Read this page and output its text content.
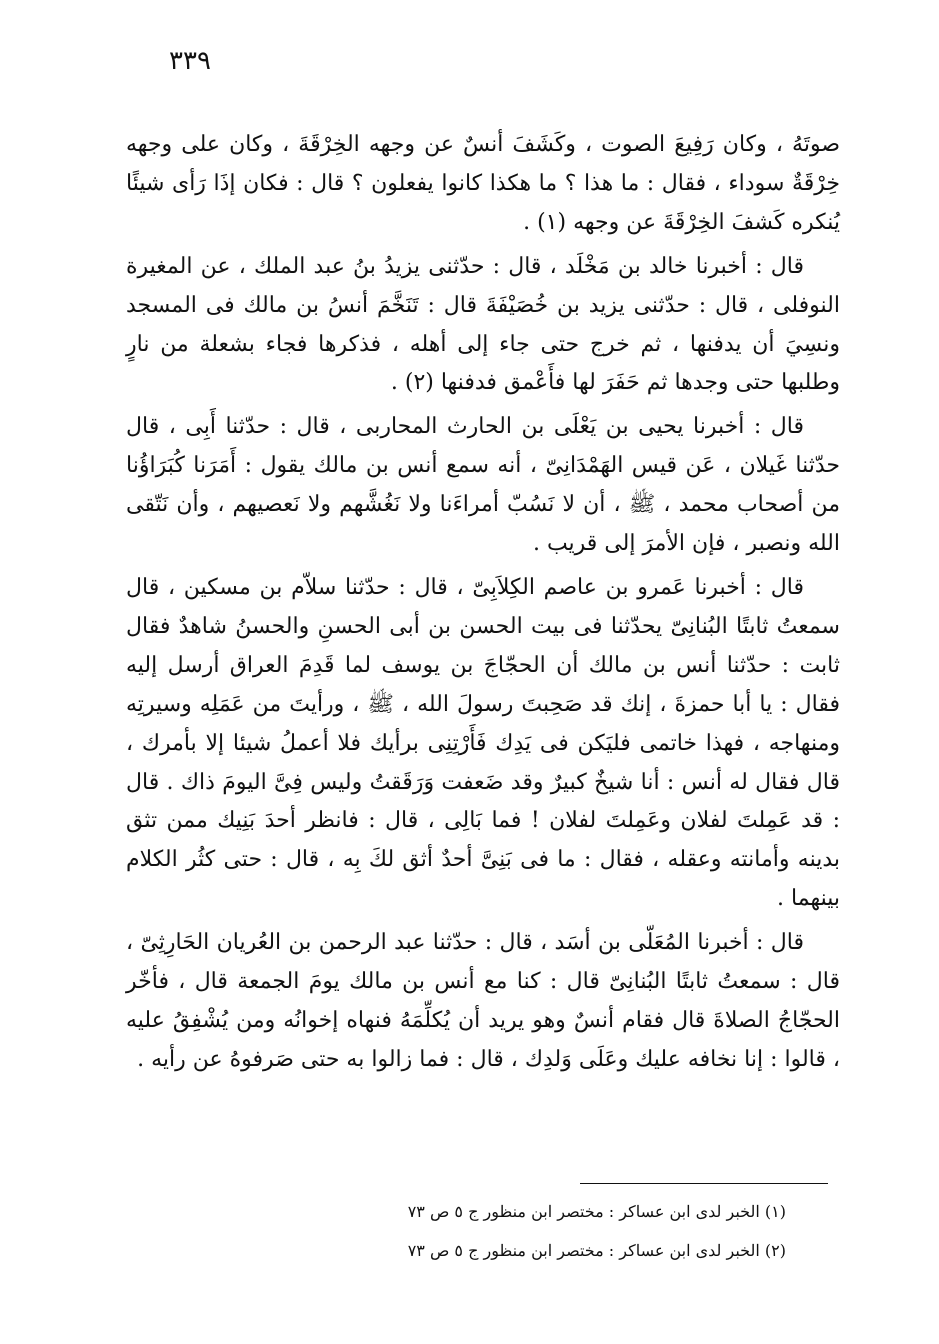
٣٣٩

صوتَهُ ، وكان رَفِيعَ الصوت ، وكَشَفَ أنسٌ عن وجهه الخِرْقَةَ ، وكان على وجهه خِرْقَةٌ سوداء ، فقال : ما هذا ؟ ما هكذا كانوا يفعلون ؟ قال : فكان إذَا رَأى شيئًا يُنكره كَشفَ الخِرْقَةَ عن وجهه (١) .

قال : أخبرنا خالد بن مَخْلَد ، قال : حدّثنى يزيدُ بنُ عبد الملك ، عن المغيرة النوفلى ، قال : حدّثنى يزيد بن خُصَيْفَةَ قال : تَنَخَّمَ أنسُ بن مالك فى المسجد ونسِيَ أن يدفنها ، ثم خرج حتى جاء إلى أهله ، فذكرها فجاء بشعلة من نارٍ وطلبها حتى وجدها ثم حَفَرَ لها فأَعْمق فدفنها (٢) .

قال : أخبرنا يحيى بن يَعْلَى بن الحارث المحاربى ، قال : حدّثنا أَبِى ، قال حدّثنا غَيلان ، عَن قيس الهَمْدَانِىّ ، أنه سمع أنس بن مالك يقول : أَمَرَنا كُبَرَاؤُنا من أصحاب محمد ، ﷺ ، أن لا نَسُبّ أمراءَنا ولا نَغُشَّهم ولا نَعصيهم ، وأن نَتّقى الله ونصبر ، فإن الأمرَ إلى قريب .

قال : أخبرنا عَمرو بن عاصم الكِلاَبِىّ ، قال : حدّثنا سلاّم بن مسكين ، قال سمعتُ ثابتًا البُنانِىّ يحدّثنا فى بيت الحسن بن أبى الحسنِ والحسنُ شاهدٌ فقال ثابت : حدّثنا أنس بن مالك أن الحجّاجَ بن يوسف لما قَدِمَ العراق أرسل إليه فقال : يا أبا حمزةَ ، إنك قد صَحِبتَ رسولَ الله ، ﷺ ، ورأيتَ من عَمَلِه وسيرتِه ومنهاجه ، فهذا خاتمى فليَكن فى يَدِك فَأَرْتِنِى برأيك فلا أعملُ شيئا إلا بأمرك ، قال فقال له أنس : أنا شيخٌ كبيرٌ وقد ضَعفت وَرَقَقتُ وليس فِىَّ اليومَ ذاك . قال : قد عَمِلتَ لفلان وعَمِلتَ لفلان ! فما بَالِى ، قال : فانظر أحدَ بَنِيك ممن تثق بدينه وأمانته وعقله ، فقال : ما فى بَنِىَّ أحدٌ أثق لكَ بِه ، قال : حتى كثُر الكلام بينهما .

قال : أخبرنا المُعَلّى بن أسَد ، قال : حدّثنا عبد الرحمن بن العُريان الحَارِثِىّ ، قال : سمعتُ ثابتًا البُنانِىّ قال : كنا مع أنس بن مالك يومَ الجمعة قال ، فأخّر الحجّاجُ الصلاةَ قال فقام أنسٌ وهو يريد أن يُكلِّمَهُ فنهاه إخوانُه ومن يُشْفِقُ عليه ، قالوا : إنا نخافه عليك وعَلَى وَلدِك ، قال : فما زالوا به حتى صَرفوهُ عن رأيه .

(١) الخبر لدى ابن عساكر : مختصر ابن منظور ج ٥ ص ٧٣

(٢) الخبر لدى ابن عساكر : مختصر ابن منظور ج ٥ ص ٧٣
